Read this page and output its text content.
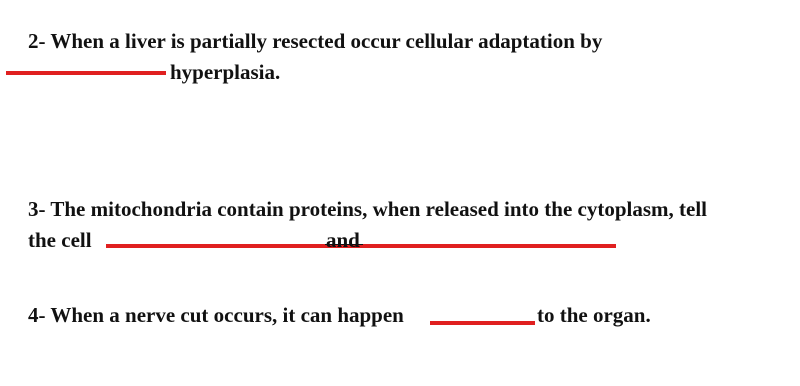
2- When a liver is partially resected occur cellular adaptation by
hyperplasia.
3- The mitochondria contain proteins, when released into the cytoplasm, tell
the cell	and
4- When a nerve cut occurs, it can happen	to the organ.
